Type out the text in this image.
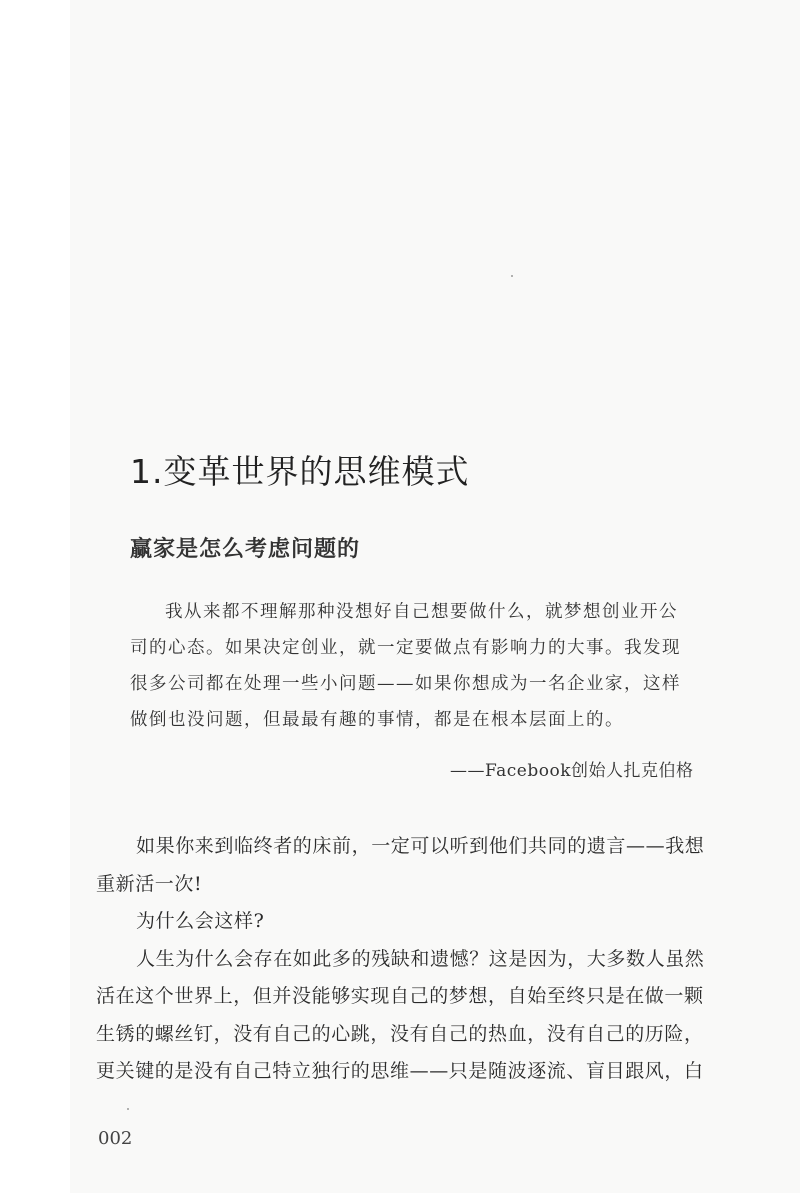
1.变革世界的思维模式
赢家是怎么考虑问题的
我从来都不理解那种没想好自己想要做什么，就梦想创业开公
司的心态。如果决定创业，就一定要做点有影响力的大事。我发现
很多公司都在处理一些小问题——如果你想成为一名企业家，这样
做倒也没问题，但最最有趣的事情，都是在根本层面上的。

——Facebook创始人扎克伯格

如果你来到临终者的床前，一定可以听到他们共同的遗言——我想
重新活一次!
为什么会这样?
人生为什么会存在如此多的残缺和遗憾？这是因为，大多数人虽然
活在这个世界上，但并没能够实现自己的梦想，自始至终只是在做一颗
生锈的螺丝钉，没有自己的心跳，没有自己的热血，没有自己的历险，
更关键的是没有自己特立独行的思维——只是随波逐流、盲目跟风，白

002
